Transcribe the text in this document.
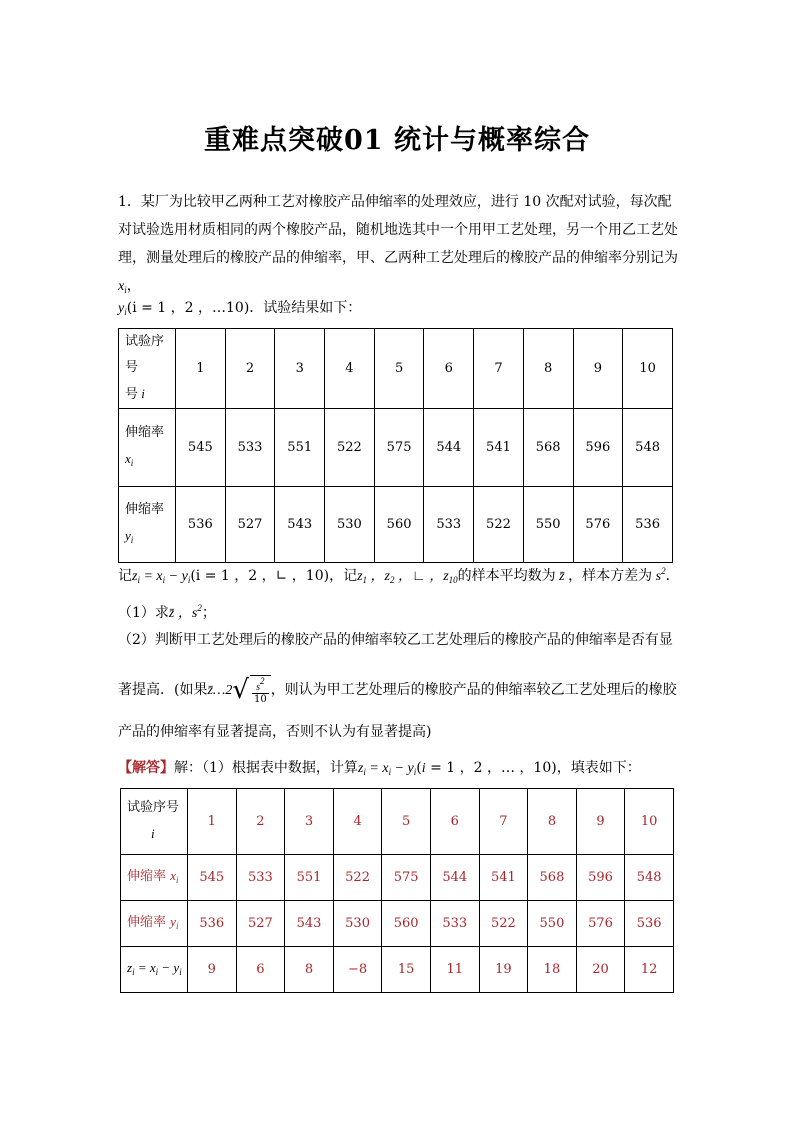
重难点突破01 统计与概率综合
1．某厂为比较甲乙两种工艺对橡胶产品伸缩率的处理效应，进行 10 次配对试验，每次配对试验选用材质相同的两个橡胶产品，随机地选其中一个用甲工艺处理，另一个用乙工艺处理，测量处理后的橡胶产品的伸缩率，甲、乙两种工艺处理后的橡胶产品的伸缩率分别记为$x_i$，
$y_i(i = 1$ ，2 ，…10)．试验结果如下：
试验序号
号 i	1	2	3	4	5	6	7	8	9	10
伸缩率
$x_i$	545	533	551	522	575	544	541	568	596	548
伸缩率
$y_i$	536	527	543	530	560	533	522	550	576	536
记$z_i = x_i - y_i(i = 1$ ，2 ，∟ ，10)，记$z_1$ ，$z_2$ ，∟ ，$z_{10}$的样本平均数为 z̄ ，样本方差为 $s^2$．
（1）求z̄ ，$s^2$；
（2）判断甲工艺处理后的橡胶产品的伸缩率较乙工艺处理后的橡胶产品的伸缩率是否有显
著提高．(如果z̄…2√ $\frac{s2}{10}$ ，则认为甲工艺处理后的橡胶产品的伸缩率较乙工艺处理后的橡胶
产品的伸缩率有显著提高，否则不认为有显著提高)
【解答】解：（1）根据表中数据，计算$z_i = x_i - y_i(i = 1$ ，2 ，… ，10)，填表如下：
试验序号
i	1	2	3	4	5	6	7	8	9	10
伸缩率 $x_i$	545	533	551	522	575	544	541	568	596	548
伸缩率 $y_i$	536	527	543	530	560	533	522	550	576	536
$z_i = x_i - y_i$	9	6	8	−8	15	11	19	18	20	12
